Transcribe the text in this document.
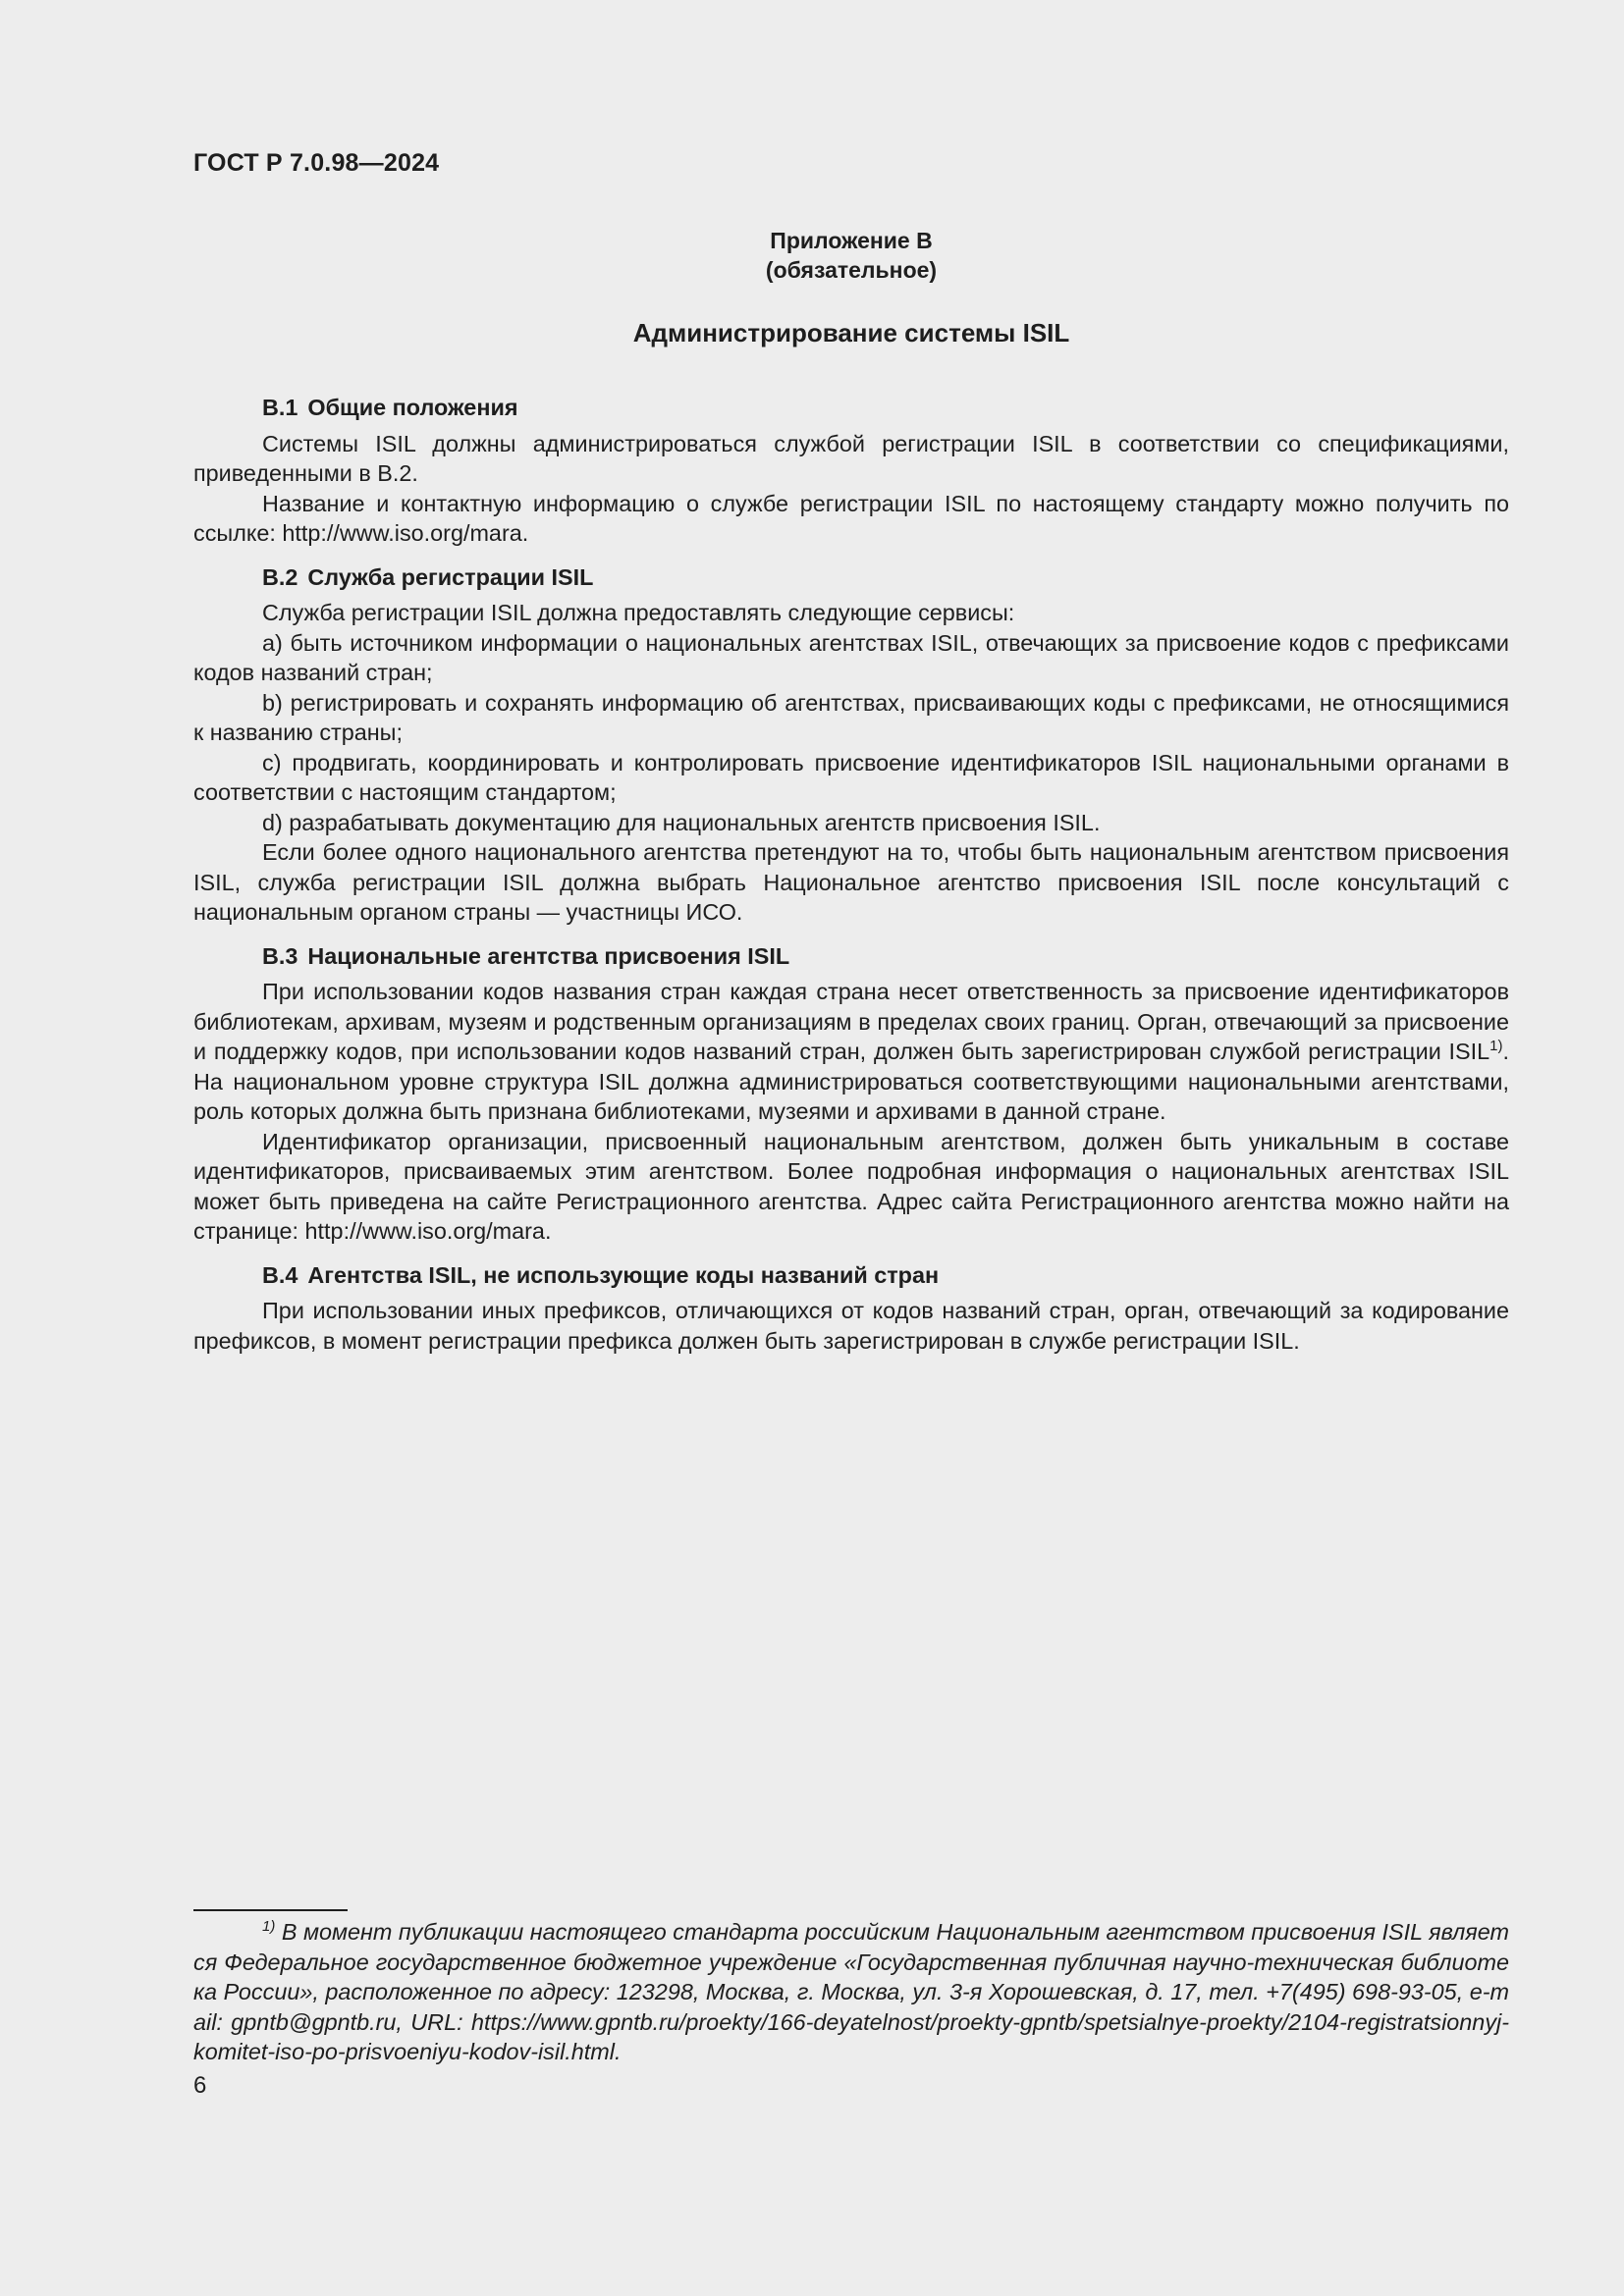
ГОСТ Р 7.0.98—2024
Приложение В
(обязательное)
Администрирование системы ISIL

В.1 Общие положения

Системы ISIL должны администрироваться службой регистрации ISIL в соответствии со спецификациями, приведенными в В.2.

Название и контактную информацию о службе регистрации ISIL по настоящему стандарту можно получить по ссылке: http://www.iso.org/mara.

В.2 Служба регистрации ISIL

Служба регистрации ISIL должна предоставлять следующие сервисы:

a) быть источником информации о национальных агентствах ISIL, отвечающих за присвоение кодов с префиксами кодов названий стран;

b) регистрировать и сохранять информацию об агентствах, присваивающих коды с префиксами, не относящимися к названию страны;

c) продвигать, координировать и контролировать присвоение идентификаторов ISIL национальными органами в соответствии с настоящим стандартом;

d) разрабатывать документацию для национальных агентств присвоения ISIL.

Если более одного национального агентства претендуют на то, чтобы быть национальным агентством присвоения ISIL, служба регистрации ISIL должна выбрать Национальное агентство присвоения ISIL после консультаций с национальным органом страны — участницы ИСО.

В.3 Национальные агентства присвоения ISIL

При использовании кодов названия стран каждая страна несет ответственность за присвоение идентификаторов библиотекам, архивам, музеям и родственным организациям в пределах своих границ. Орган, отвечающий за присвоение и поддержку кодов, при использовании кодов названий стран, должен быть зарегистрирован службой регистрации ISIL$^{1)}$. На национальном уровне структура ISIL должна администрироваться соответствующими национальными агентствами, роль которых должна быть признана библиотеками, музеями и архивами в данной стране.

Идентификатор организации, присвоенный национальным агентством, должен быть уникальным в составе идентификаторов, присваиваемых этим агентством. Более подробная информация о национальных агентствах ISIL может быть приведена на сайте Регистрационного агентства. Адрес сайта Регистрационного агентства можно найти на странице: http://www.iso.org/mara.

В.4 Агентства ISIL, не использующие коды названий стран

При использовании иных префиксов, отличающихся от кодов названий стран, орган, отвечающий за кодирование префиксов, в момент регистрации префикса должен быть зарегистрирован в службе регистрации ISIL.

$^{1)}$ В момент публикации настоящего стандарта российским Национальным агентством присвоения ISIL является Федеральное государственное бюджетное учреждение «Государственная публичная научно-техническая библиотека России», расположенное по адресу: 123298, Москва, г. Москва, ул. 3-я Хорошевская, д. 17, тел. +7(495) 698-93-05, e-mail: gpntb@gpntb.ru, URL: https://www.gpntb.ru/proekty/166-deyatelnost/proekty-gpntb/spetsialnye-proekty/2104-registratsionnyj-komitet-iso-po-prisvoeniyu-kodov-isil.html.
6
